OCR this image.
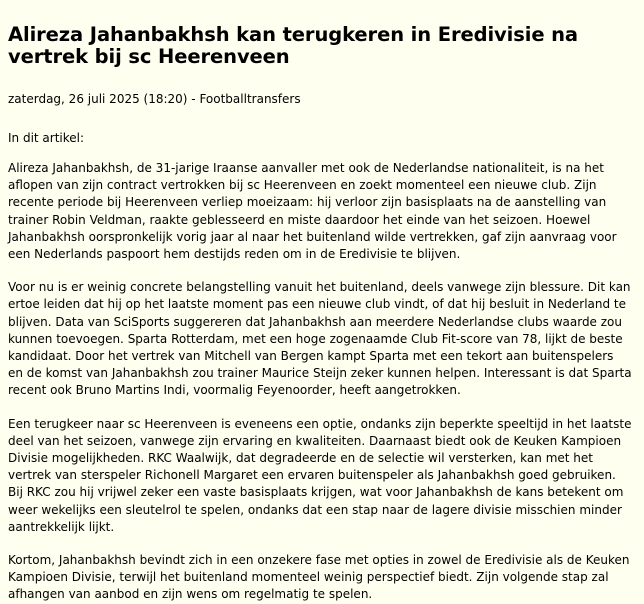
Alireza Jahanbakhsh kan terugkeren in Eredivisie na vertrek bij sc Heerenveen
zaterdag, 26 juli 2025 (18:20) - Footballtransfers
In dit artikel:

Alireza Jahanbakhsh, de 31-jarige Iraanse aanvaller met ook de Nederlandse nationaliteit, is na het aflopen van zijn contract vertrokken bij sc Heerenveen en zoekt momenteel een nieuwe club. Zijn recente periode bij Heerenveen verliep moeizaam: hij verloor zijn basisplaats na de aanstelling van trainer Robin Veldman, raakte geblesseerd en miste daardoor het einde van het seizoen. Hoewel Jahanbakhsh oorspronkelijk vorig jaar al naar het buitenland wilde vertrekken, gaf zijn aanvraag voor een Nederlands paspoort hem destijds reden om in de Eredivisie te blijven.

Voor nu is er weinig concrete belangstelling vanuit het buitenland, deels vanwege zijn blessure. Dit kan ertoe leiden dat hij op het laatste moment pas een nieuwe club vindt, of dat hij besluit in Nederland te blijven. Data van SciSports suggereren dat Jahanbakhsh aan meerdere Nederlandse clubs waarde zou kunnen toevoegen. Sparta Rotterdam, met een hoge zogenaamde Club Fit-score van 78, lijkt de beste kandidaat. Door het vertrek van Mitchell van Bergen kampt Sparta met een tekort aan buitenspelers en de komst van Jahanbakhsh zou trainer Maurice Steijn zeker kunnen helpen. Interessant is dat Sparta recent ook Bruno Martins Indi, voormalig Feyenoorder, heeft aangetrokken.

Een terugkeer naar sc Heerenveen is eveneens een optie, ondanks zijn beperkte speeltijd in het laatste deel van het seizoen, vanwege zijn ervaring en kwaliteiten. Daarnaast biedt ook de Keuken Kampioen Divisie mogelijkheden. RKC Waalwijk, dat degradeerde en de selectie wil versterken, kan met het vertrek van sterspeler Richonell Margaret een ervaren buitenspeler als Jahanbakhsh goed gebruiken. Bij RKC zou hij vrijwel zeker een vaste basisplaats krijgen, wat voor Jahanbakhsh de kans betekent om weer wekelijks een sleutelrol te spelen, ondanks dat een stap naar de lagere divisie misschien minder aantrekkelijk lijkt.

Kortom, Jahanbakhsh bevindt zich in een onzekere fase met opties in zowel de Eredivisie als de Keuken Kampioen Divisie, terwijl het buitenland momenteel weinig perspectief biedt. Zijn volgende stap zal afhangen van aanbod en zijn wens om regelmatig te spelen.
